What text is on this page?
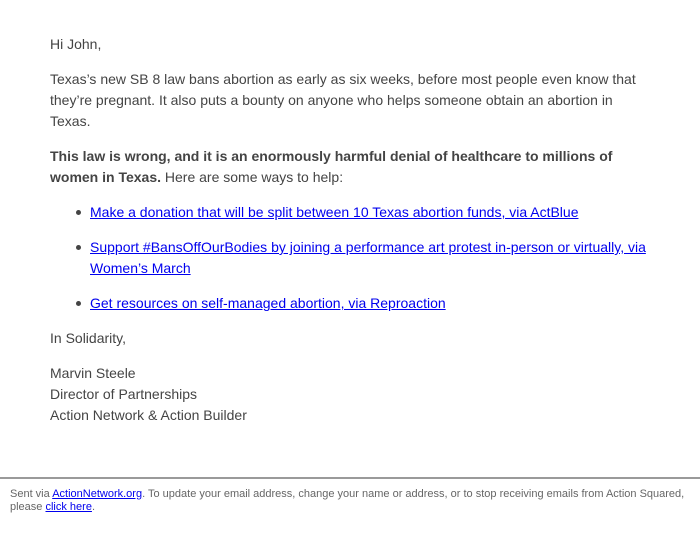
Hi John,

Texas’s new SB 8 law bans abortion as early as six weeks, before most people even know that they’re pregnant. It also puts a bounty on anyone who helps someone obtain an abortion in Texas.

This law is wrong, and it is an enormously harmful denial of healthcare to millions of women in Texas. Here are some ways to help:

Make a donation that will be split between 10 Texas abortion funds, via ActBlue
Support #BansOffOurBodies by joining a performance art protest in-person or virtually, via Women’s March
Get resources on self-managed abortion, via Reproaction

In Solidarity,

Marvin Steele
Director of Partnerships
Action Network & Action Builder

Sent via ActionNetwork.org. To update your email address, change your name or address, or to stop receiving emails from Action Squared, please click here.
